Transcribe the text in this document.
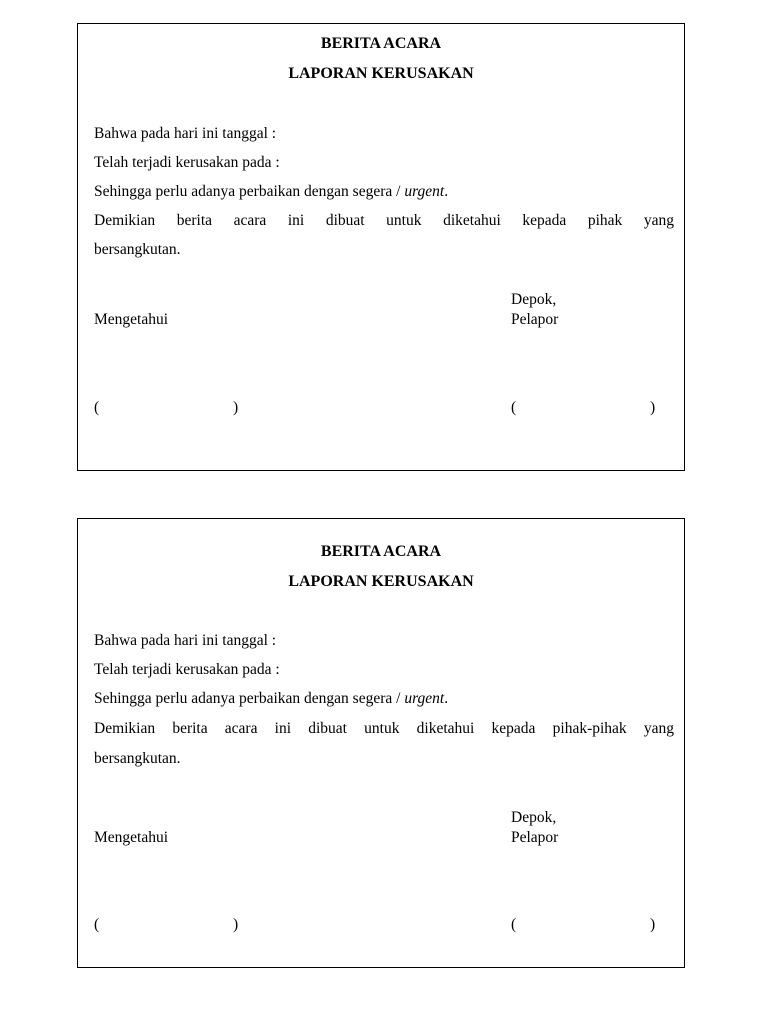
BERITA ACARA
LAPORAN KERUSAKAN
Bahwa pada hari ini tanggal :
Telah terjadi kerusakan pada :
Sehingga perlu adanya perbaikan dengan segera / urgent.
Demikian berita acara ini dibuat untuk diketahui kepada pihak yang
bersangkutan.
Depok,
Mengetahui	Pelapor
(	)	(	)
BERITA ACARA
LAPORAN KERUSAKAN
Bahwa pada hari ini tanggal :
Telah terjadi kerusakan pada :
Sehingga perlu adanya perbaikan dengan segera / urgent.
Demikian berita acara ini dibuat untuk diketahui kepada pihak-pihak yang
bersangkutan.
Depok,
Mengetahui	Pelapor
(	)	(	)
